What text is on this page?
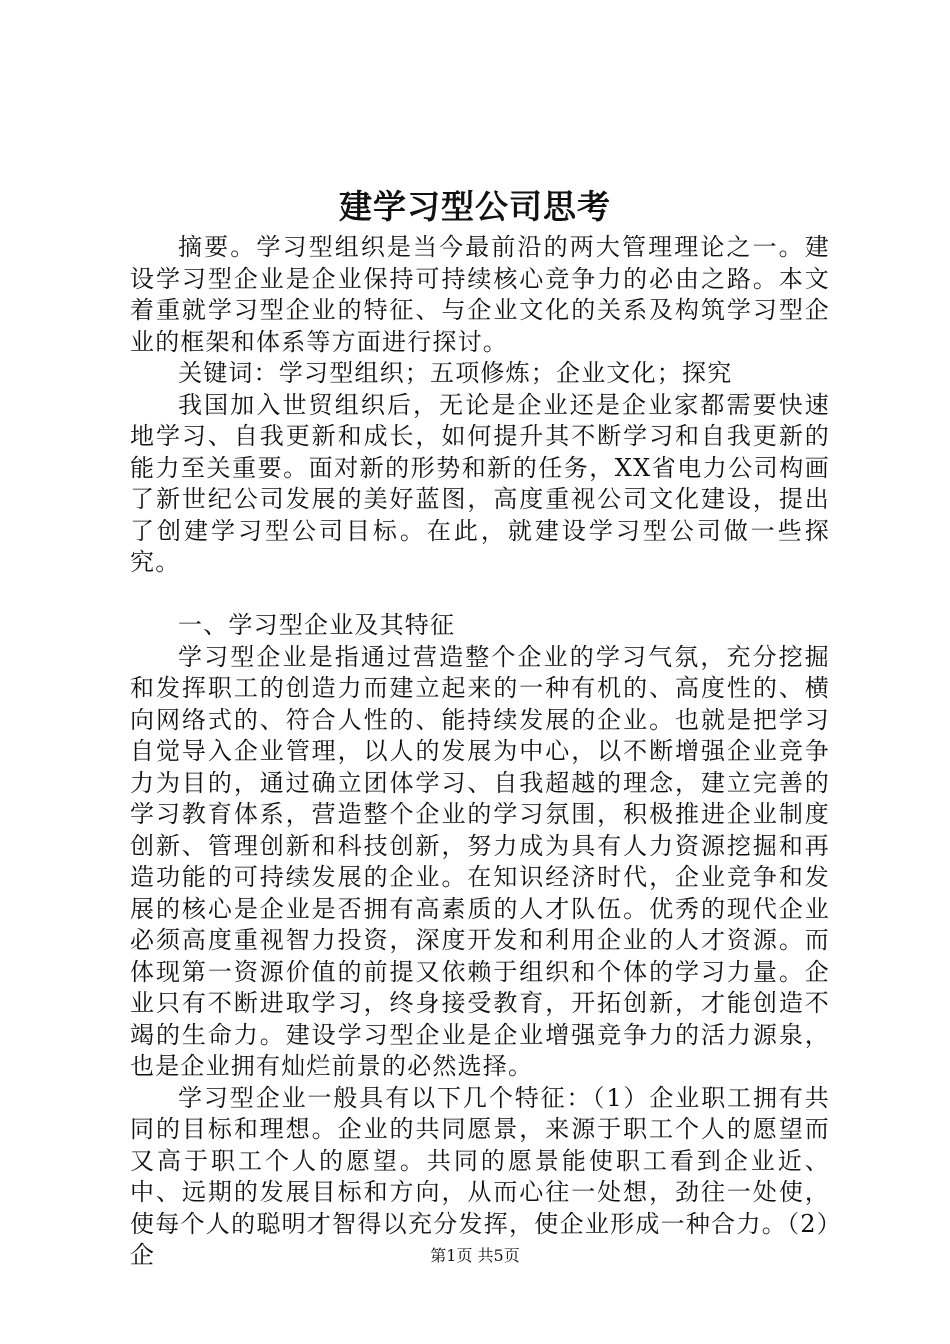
建学习型公司思考

摘要。学习型组织是当今最前沿的两大管理理论之一。建设学习型企业是企业保持可持续核心竞争力的必由之路。本文着重就学习型企业的特征、与企业文化的关系及构筑学习型企业的框架和体系等方面进行探讨。

关键词：学习型组织；五项修炼；企业文化；探究

我国加入世贸组织后，无论是企业还是企业家都需要快速地学习、自我更新和成长，如何提升其不断学习和自我更新的能力至关重要。面对新的形势和新的任务，XX省电力公司构画了新世纪公司发展的美好蓝图，高度重视公司文化建设，提出了创建学习型公司目标。在此，就建设学习型公司做一些探究。

一、学习型企业及其特征

学习型企业是指通过营造整个企业的学习气氛，充分挖掘和发挥职工的创造力而建立起来的一种有机的、高度性的、横向网络式的、符合人性的、能持续发展的企业。也就是把学习自觉导入企业管理，以人的发展为中心，以不断增强企业竞争力为目的，通过确立团体学习、自我超越的理念，建立完善的学习教育体系，营造整个企业的学习氛围，积极推进企业制度创新、管理创新和科技创新，努力成为具有人力资源挖掘和再造功能的可持续发展的企业。在知识经济时代，企业竞争和发展的核心是企业是否拥有高素质的人才队伍。优秀的现代企业必须高度重视智力投资，深度开发和利用企业的人才资源。而体现第一资源价值的前提又依赖于组织和个体的学习力量。企业只有不断进取学习，终身接受教育，开拓创新，才能创造不竭的生命力。建设学习型企业是企业增强竞争力的活力源泉，也是企业拥有灿烂前景的必然选择。

学习型企业一般具有以下几个特征：（1）企业职工拥有共同的目标和理想。企业的共同愿景，来源于职工个人的愿望而又高于职工个人的愿望。共同的愿景能使职工看到企业近、中、远期的发展目标和方向，从而心往一处想，劲往一处使，使每个人的聪明才智得以充分发挥，使企业形成一种合力。（2）企	第1页 共5页
